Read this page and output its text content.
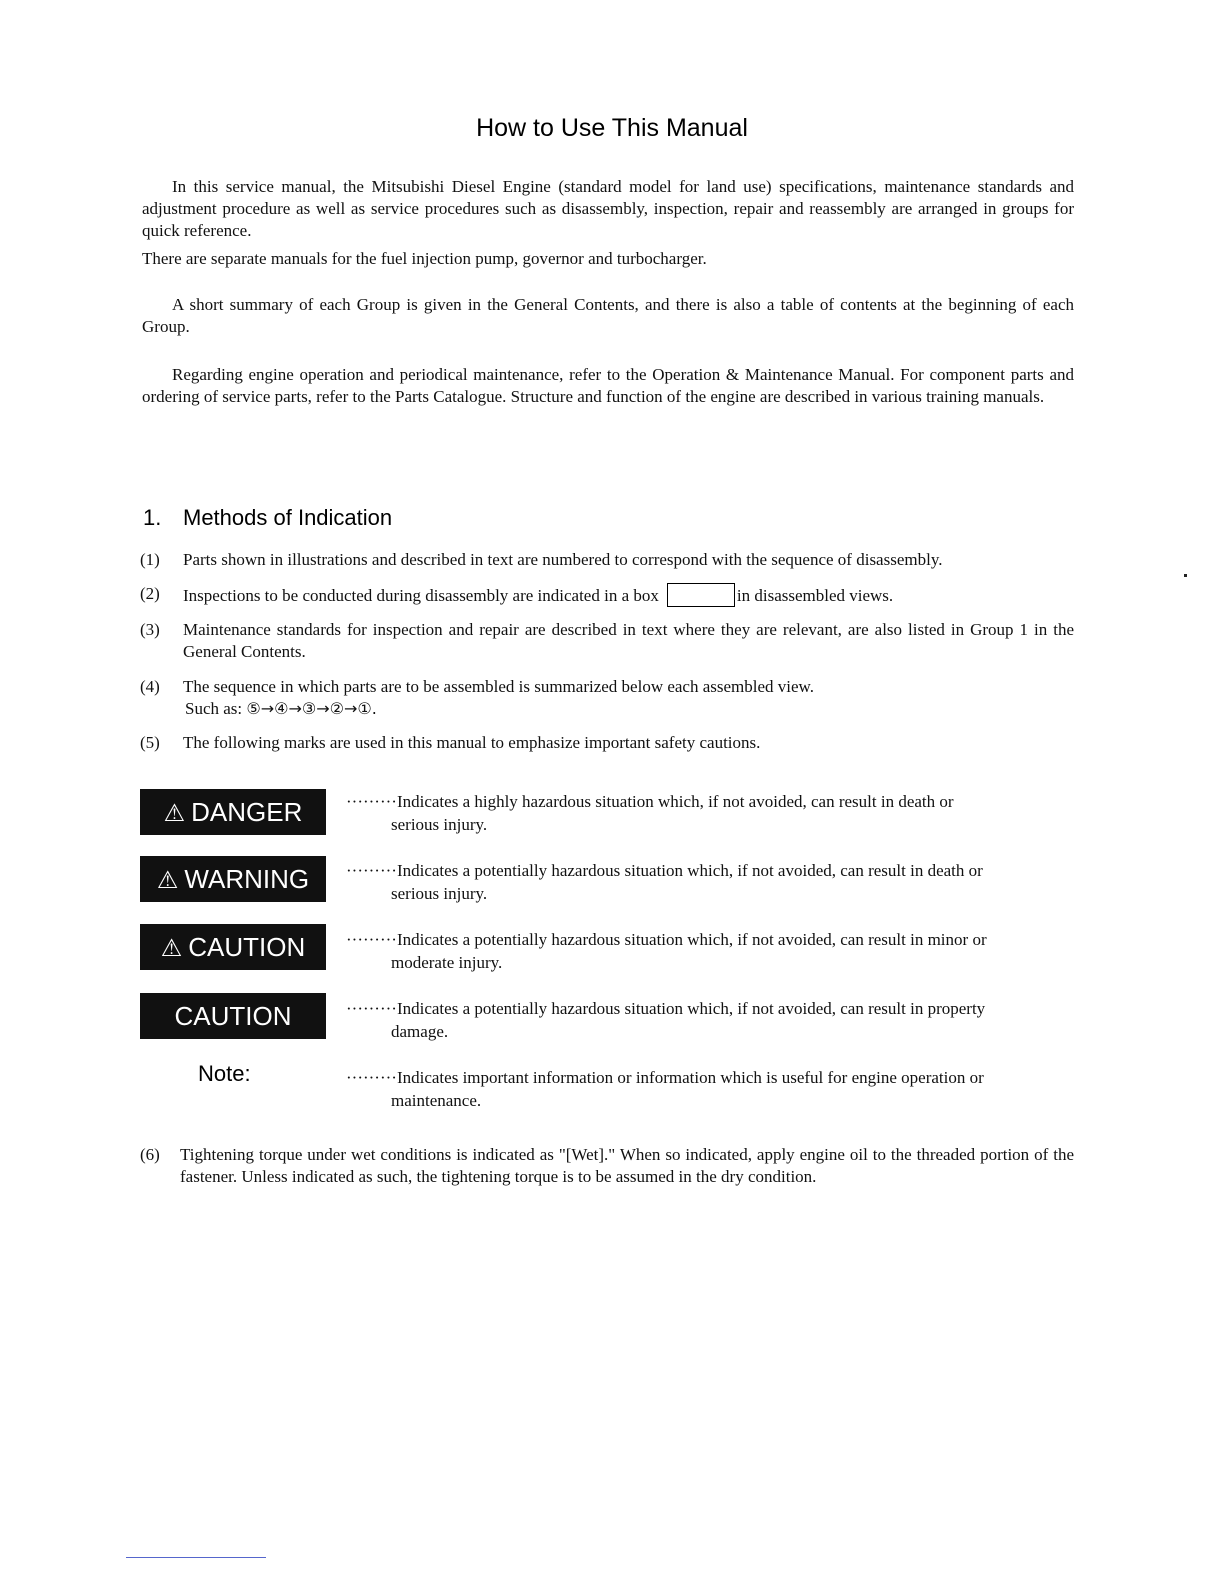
How to Use This Manual

In this service manual, the Mitsubishi Diesel Engine (standard model for land use) specifications, maintenance standards and adjustment procedure as well as service procedures such as disassembly, inspection, repair and reassembly are arranged in groups for quick reference.

There are separate manuals for the fuel injection pump, governor and turbocharger.

A short summary of each Group is given in the General Contents, and there is also a table of contents at the beginning of each Group.

Regarding engine operation and periodical maintenance, refer to the Operation & Maintenance Manual. For component parts and ordering of service parts, refer to the Parts Catalogue. Structure and function of the engine are described in various training manuals.

1. Methods of Indication
(1) Parts shown in illustrations and described in text are numbered to correspond with the sequence of disassembly.
(2) Inspections to be conducted during disassembly are indicated in a box	in disassembled views.
(3) Maintenance standards for inspection and repair are described in text where they are relevant, are also listed in Group 1 in the General Contents.
(4) The sequence in which parts are to be assembled is summarized below each assembled view.
Such as: ⑤→④→③→②→①.
(5) The following marks are used in this manual to emphasize important safety cautions.
⚠ DANGER	·········Indicates a highly hazardous situation which, if not avoided, can result in death or
serious injury.
⚠ WARNING	·········Indicates a potentially hazardous situation which, if not avoided, can result in death or
serious injury.
⚠ CAUTION	·········Indicates a potentially hazardous situation which, if not avoided, can result in minor or
moderate injury.
CAUTION	·········Indicates a potentially hazardous situation which, if not avoided, can result in property
damage.
Note:	·········Indicates important information or information which is useful for engine operation or
maintenance.
(6) Tightening torque under wet conditions is indicated as "[Wet]." When so indicated, apply engine oil to the threaded portion of the fastener. Unless indicated as such, the tightening torque is to be assumed in the dry condition.
